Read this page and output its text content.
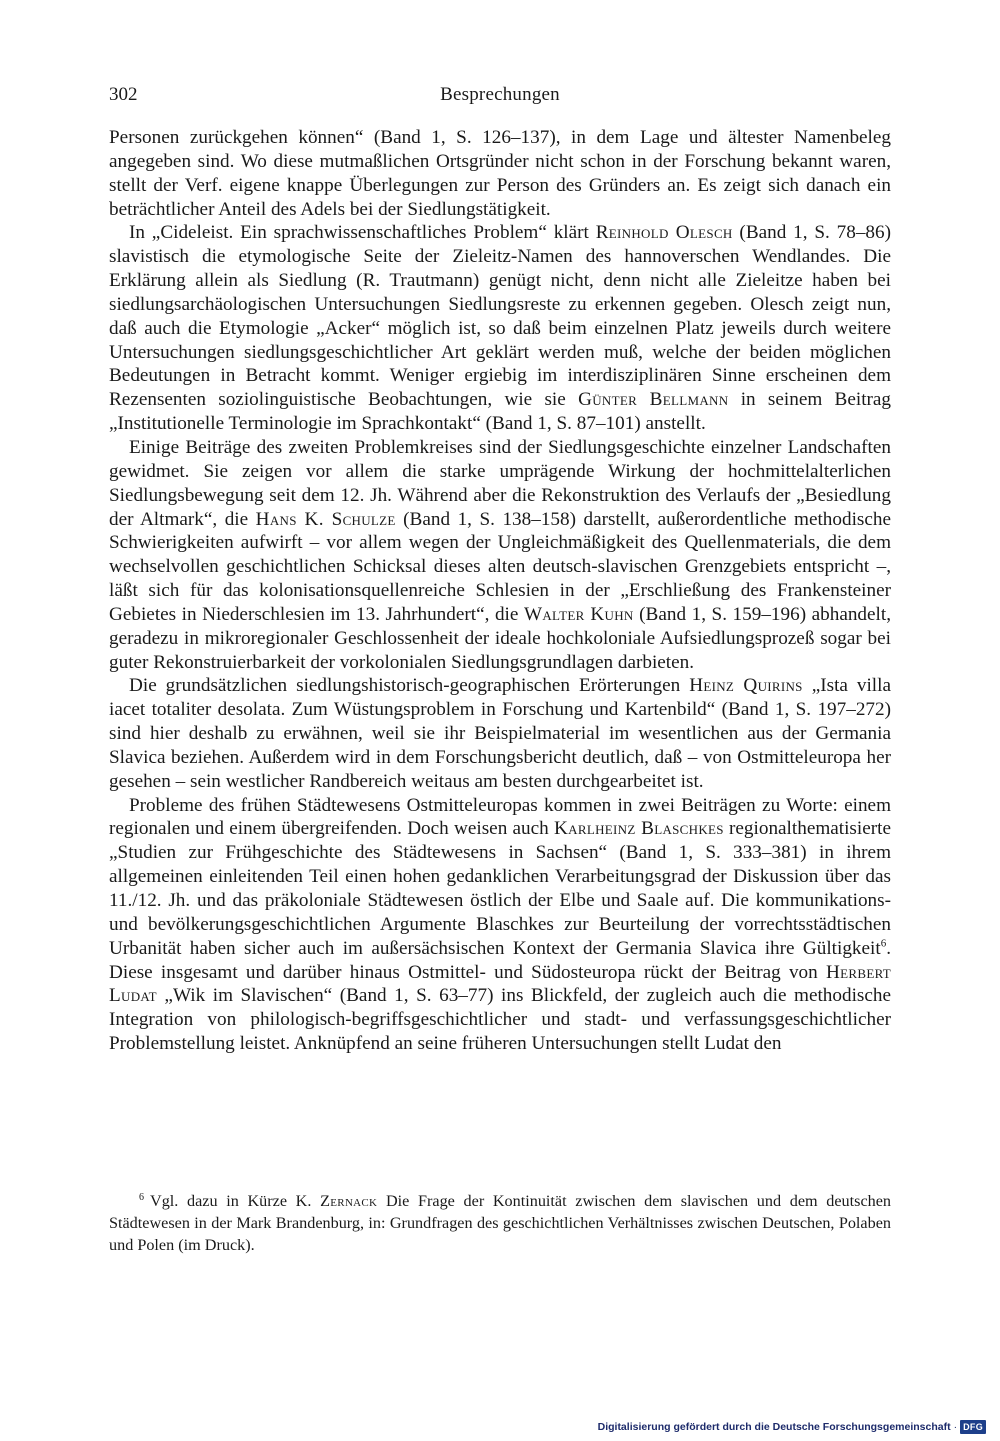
302	Besprechungen

Personen zurückgehen können“ (Band 1, S. 126–137), in dem Lage und ältester Namenbeleg angegeben sind. Wo diese mutmaßlichen Ortsgründer nicht schon in der Forschung bekannt waren, stellt der Verf. eigene knappe Überlegungen zur Person des Gründers an. Es zeigt sich danach ein beträchtlicher Anteil des Adels bei der Siedlungstätigkeit.

In „Cideleist. Ein sprachwissenschaftliches Problem“ klärt Reinhold Olesch (Band 1, S. 78–86) slavistisch die etymologische Seite der Zieleitz-Namen des hannoverschen Wendlandes. Die Erklärung allein als Siedlung (R. Trautmann) genügt nicht, denn nicht alle Zieleitze haben bei siedlungsarchäologischen Untersuchungen Siedlungsreste zu erkennen gegeben. Olesch zeigt nun, daß auch die Etymologie „Acker“ möglich ist, so daß beim einzelnen Platz jeweils durch weitere Untersuchungen siedlungsgeschichtlicher Art geklärt werden muß, welche der beiden möglichen Bedeutungen in Betracht kommt. Weniger ergiebig im interdisziplinären Sinne erscheinen dem Rezensenten soziolinguistische Beobachtungen, wie sie Günter Bellmann in seinem Beitrag „Institutionelle Terminologie im Sprachkontakt“ (Band 1, S. 87–101) anstellt.

Einige Beiträge des zweiten Problemkreises sind der Siedlungsgeschichte einzelner Landschaften gewidmet. Sie zeigen vor allem die starke umprägende Wirkung der hochmittelalterlichen Siedlungsbewegung seit dem 12. Jh. Während aber die Rekonstruktion des Verlaufs der „Besiedlung der Altmark“, die Hans K. Schulze (Band 1, S. 138–158) darstellt, außerordentliche methodische Schwierigkeiten aufwirft – vor allem wegen der Ungleichmäßigkeit des Quellenmaterials, die dem wechselvollen geschichtlichen Schicksal dieses alten deutsch-slavischen Grenzgebiets entspricht –, läßt sich für das kolonisationsquellenreiche Schlesien in der „Erschließung des Frankensteiner Gebietes in Niederschlesien im 13. Jahrhundert“, die Walter Kuhn (Band 1, S. 159–196) abhandelt, geradezu in mikroregionaler Geschlossenheit der ideale hochkoloniale Aufsiedlungsprozeß sogar bei guter Rekonstruierbarkeit der vorkolonialen Siedlungsgrundlagen darbieten.

Die grundsätzlichen siedlungshistorisch-geographischen Erörterungen Heinz Quirins „Ista villa iacet totaliter desolata. Zum Wüstungsproblem in Forschung und Kartenbild“ (Band 1, S. 197–272) sind hier deshalb zu erwähnen, weil sie ihr Beispielmaterial im wesentlichen aus der Germania Slavica beziehen. Außerdem wird in dem Forschungsbericht deutlich, daß – von Ostmitteleuropa her gesehen – sein westlicher Randbereich weitaus am besten durchgearbeitet ist.

Probleme des frühen Städtewesens Ostmitteleuropas kommen in zwei Beiträgen zu Worte: einem regionalen und einem übergreifenden. Doch weisen auch Karlheinz Blaschkes regionalthematisierte „Studien zur Frühgeschichte des Städtewesens in Sachsen“ (Band 1, S. 333–381) in ihrem allgemeinen einleitenden Teil einen hohen gedanklichen Verarbeitungsgrad der Diskussion über das 11./12. Jh. und das präkoloniale Städtewesen östlich der Elbe und Saale auf. Die kommunikations- und bevölkerungsgeschichtlichen Argumente Blaschkes zur Beurteilung der vorrechtsstädtischen Urbanität haben sicher auch im außersächsischen Kontext der Germania Slavica ihre Gültigkeit$^6$. Diese insgesamt und darüber hinaus Ostmittel- und Südosteuropa rückt der Beitrag von Herbert Ludat „Wik im Slavischen“ (Band 1, S. 63–77) ins Blickfeld, der zugleich auch die methodische Integration von philologisch-begriffsgeschichtlicher und stadt- und verfassungsgeschichtlicher Problemstellung leistet. Anknüpfend an seine früheren Untersuchungen stellt Ludat den

$^6$ Vgl. dazu in Kürze K. Zernack Die Frage der Kontinuität zwischen dem slavischen und dem deutschen Städtewesen in der Mark Brandenburg, in: Grundfragen des geschichtlichen Verhältnisses zwischen Deutschen, Polaben und Polen (im Druck).

Digitalisierung gefördert durch die Deutsche Forschungsgemeinschaft · DFG
